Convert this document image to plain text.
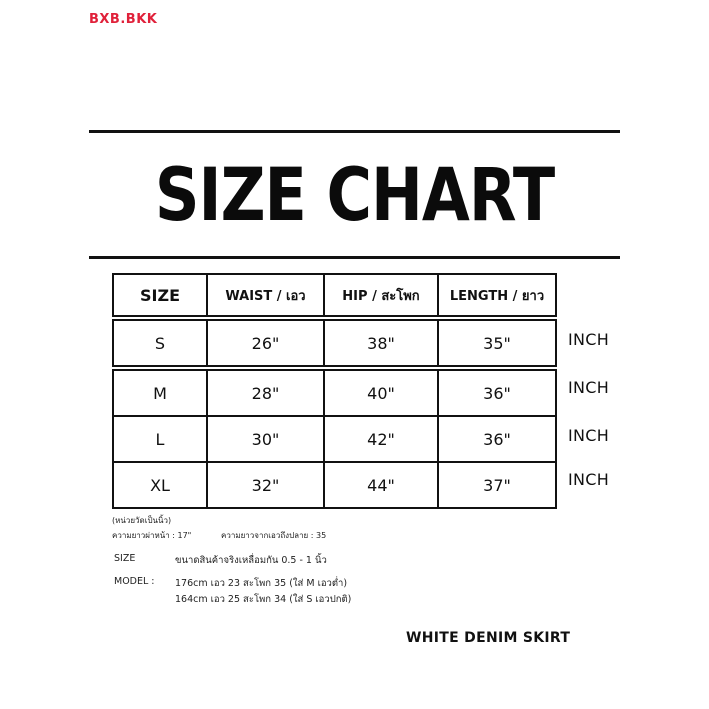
BXB.BKK
SIZE CHART
SIZE	WAIST / เอว	HIP / สะโพก	LENGTH / ยาว

S	26"	38"	35"

M	28"	40"	36"
L	30"	42"	36"
XL	32"	44"	37"
INCH
INCH
INCH
INCH
(หน่วยวัดเป็นนิ้ว)
ความยาวผ่าหน้า : 17"	ความยาวจากเอวถึงปลาย : 35
SIZE	ขนาดสินค้าจริงเหลื่อมกัน 0.5 - 1 นิ้ว
MODEL : 176cm เอว 23 สะโพก 35 (ใส่ M เอวต่ำ)
164cm เอว 25 สะโพก 34 (ใส่ S เอวปกติ)
WHITE DENIM SKIRT
